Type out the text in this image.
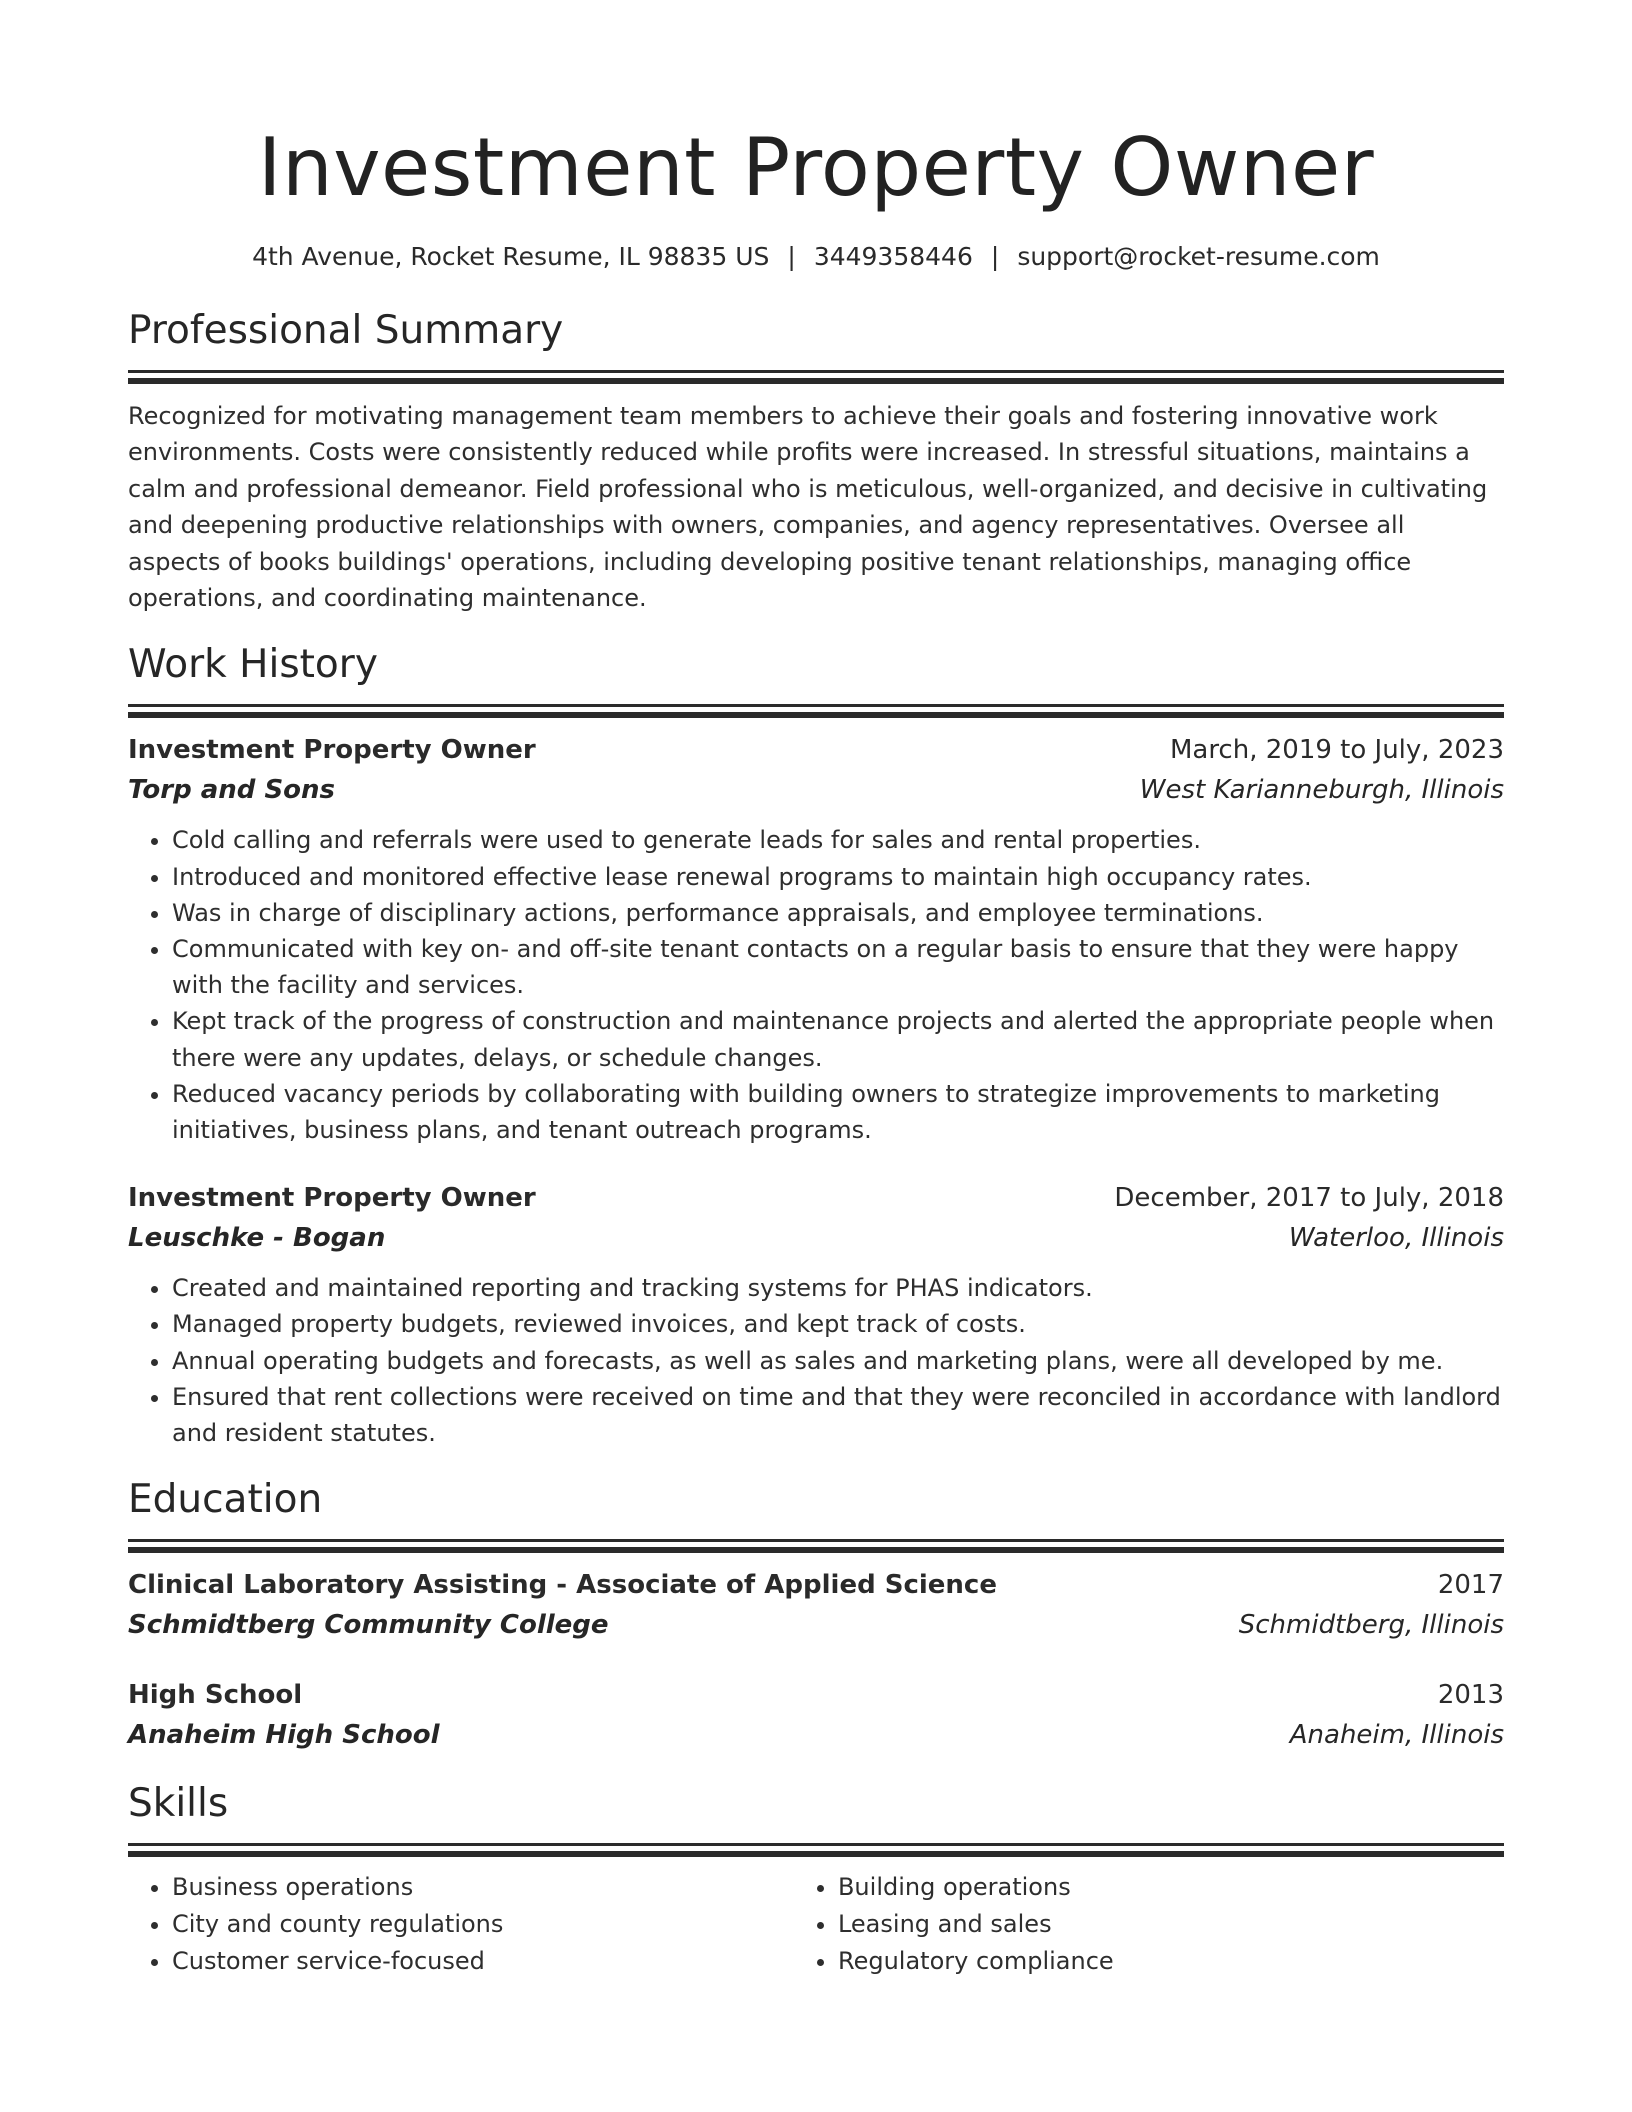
Investment Property Owner
4th Avenue, Rocket Resume, IL 98835 US | 3449358446 | support@rocket-resume.com
Professional Summary
Recognized for motivating management team members to achieve their goals and fostering innovative work environments. Costs were consistently reduced while profits were increased. In stressful situations, maintains a calm and professional demeanor. Field professional who is meticulous, well-organized, and decisive in cultivating and deepening productive relationships with owners, companies, and agency representatives. Oversee all aspects of books buildings' operations, including developing positive tenant relationships, managing office operations, and coordinating maintenance.
Work History
Investment Property Owner	March, 2019 to July, 2023
Torp and Sons	West Karianneburgh, Illinois
• Cold calling and referrals were used to generate leads for sales and rental properties.
• Introduced and monitored effective lease renewal programs to maintain high occupancy rates.
• Was in charge of disciplinary actions, performance appraisals, and employee terminations.
• Communicated with key on- and off-site tenant contacts on a regular basis to ensure that they were happy with the facility and services.
• Kept track of the progress of construction and maintenance projects and alerted the appropriate people when there were any updates, delays, or schedule changes.
• Reduced vacancy periods by collaborating with building owners to strategize improvements to marketing initiatives, business plans, and tenant outreach programs.
Investment Property Owner	December, 2017 to July, 2018
Leuschke - Bogan	Waterloo, Illinois
• Created and maintained reporting and tracking systems for PHAS indicators.
• Managed property budgets, reviewed invoices, and kept track of costs.
• Annual operating budgets and forecasts, as well as sales and marketing plans, were all developed by me.
• Ensured that rent collections were received on time and that they were reconciled in accordance with landlord and resident statutes.
Education
Clinical Laboratory Assisting - Associate of Applied Science	2017
Schmidtberg Community College	Schmidtberg, Illinois
High School	2013
Anaheim High School	Anaheim, Illinois
Skills
• Business operations
• City and county regulations
• Customer service-focused
• Building operations
• Leasing and sales
• Regulatory compliance
